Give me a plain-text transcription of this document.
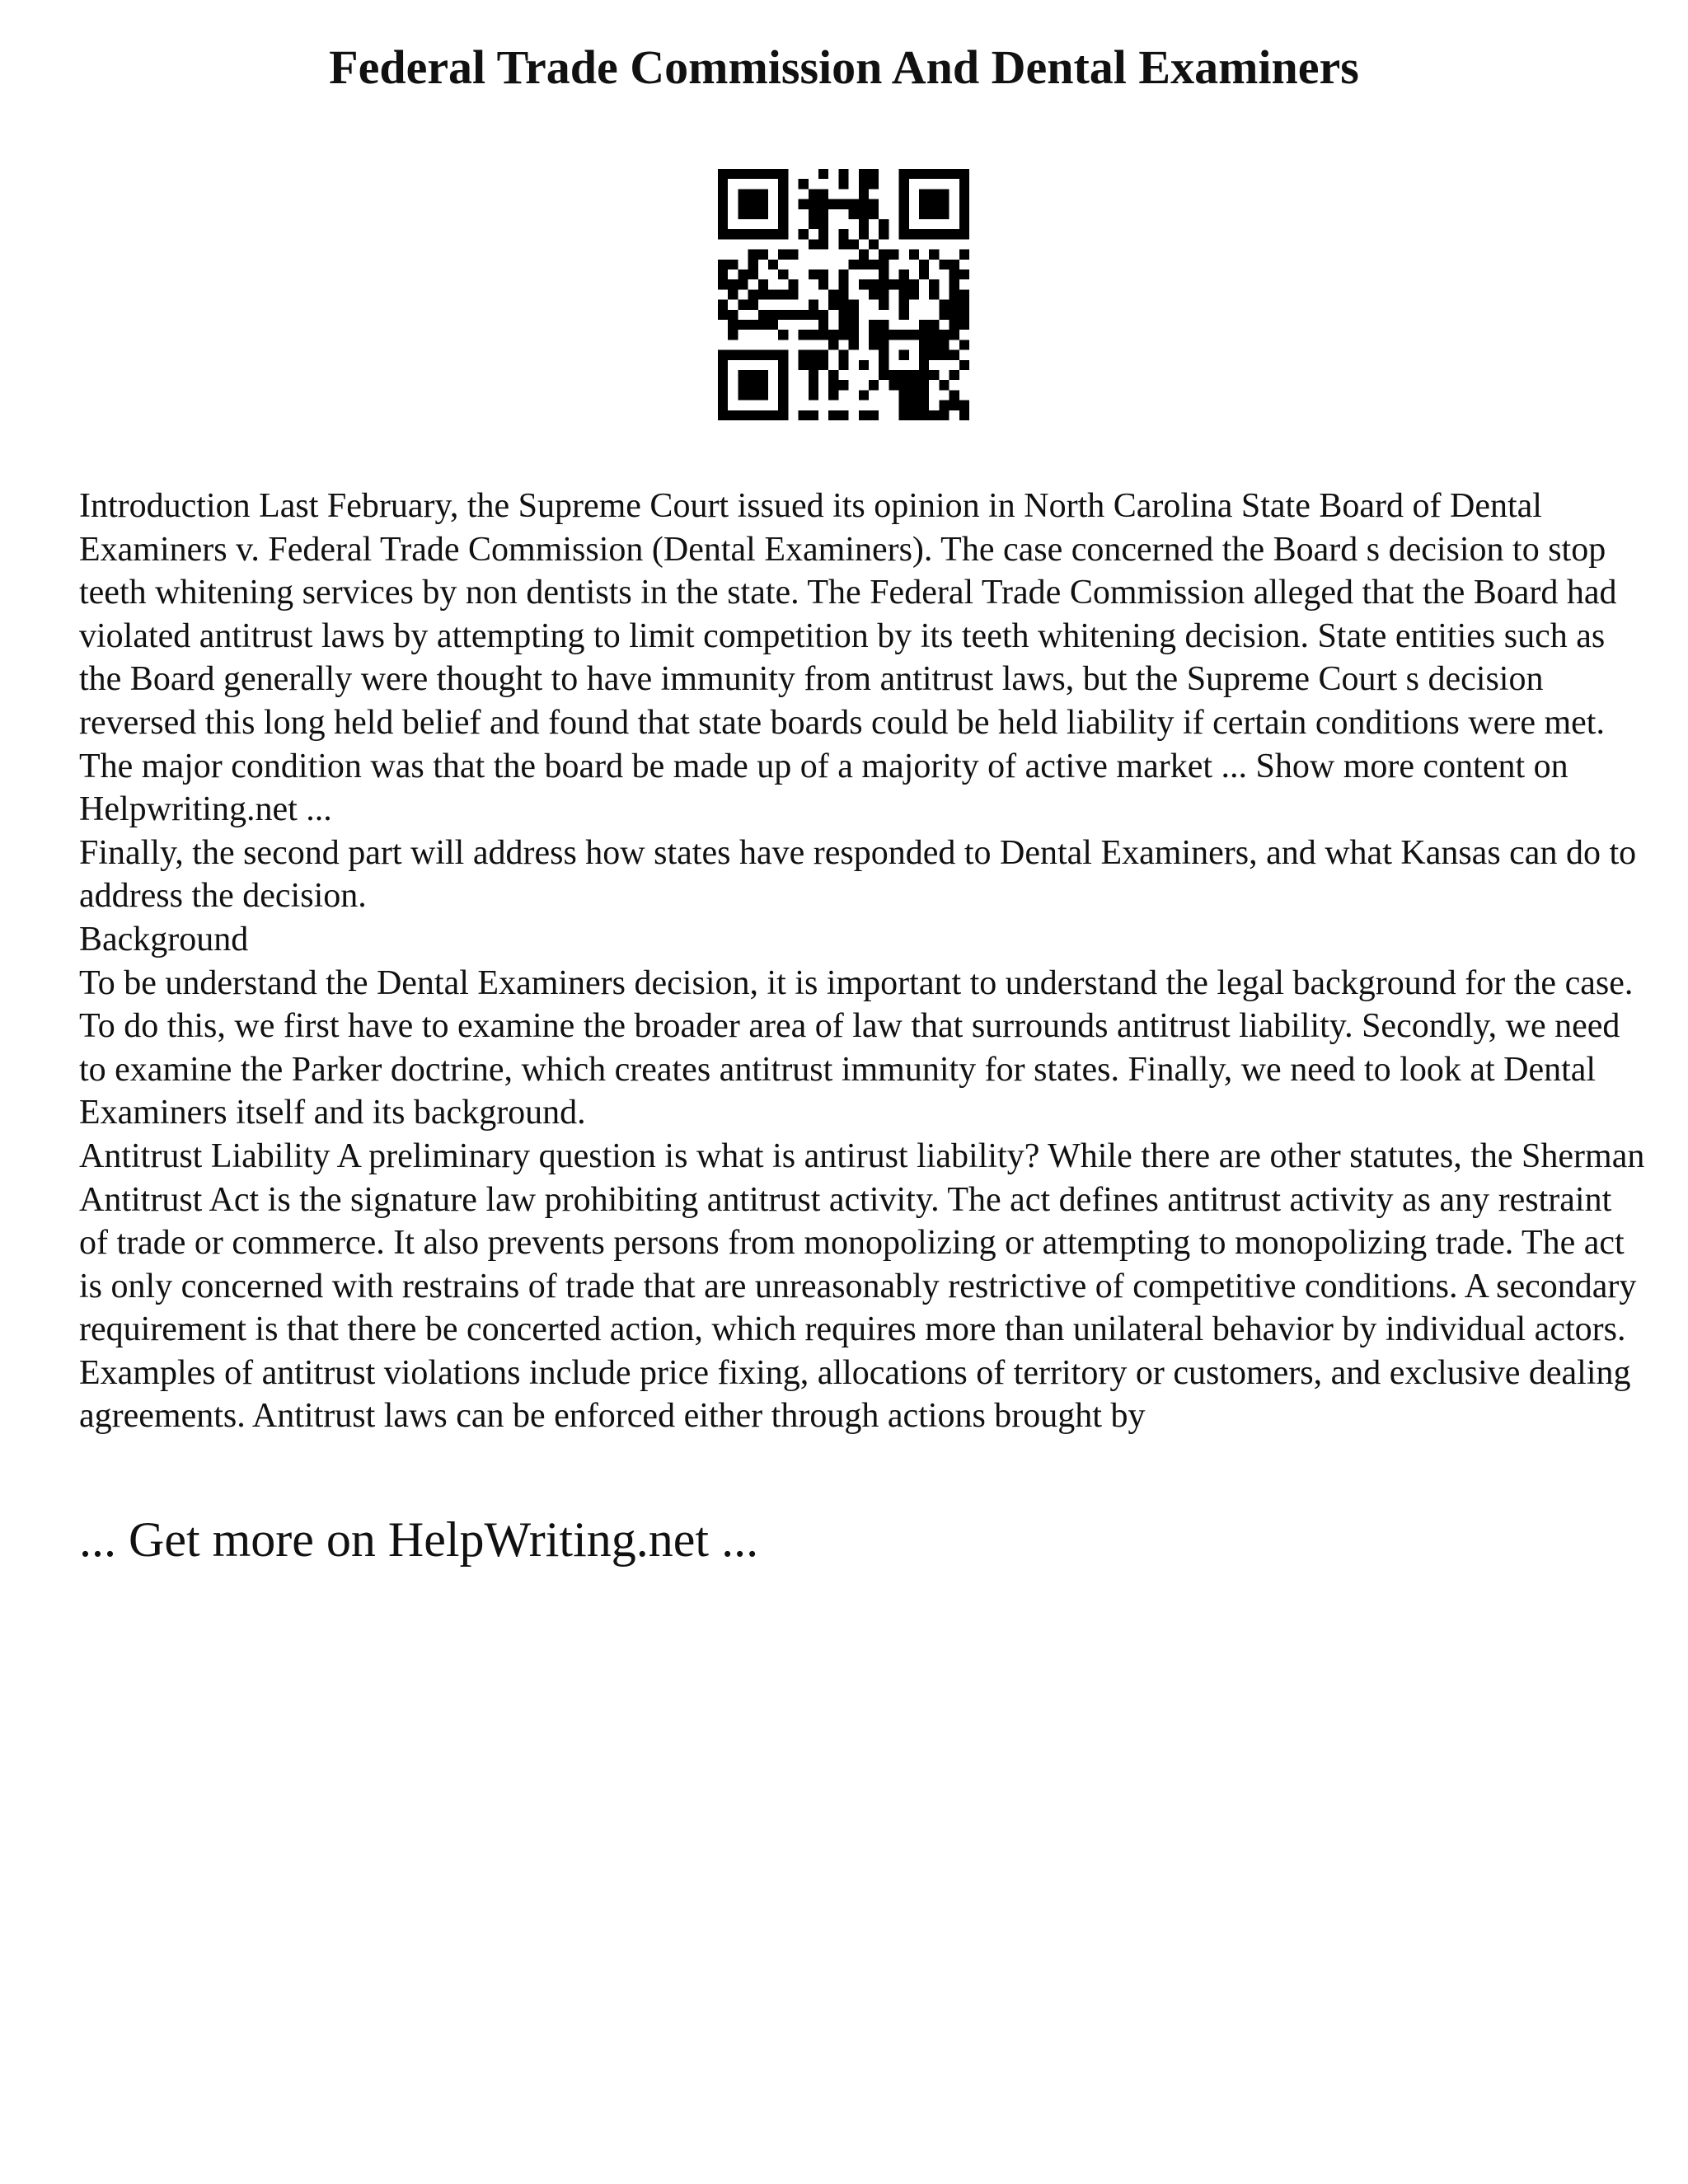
Federal Trade Commission And Dental Examiners

Introduction Last February, the Supreme Court issued its opinion in North Carolina State Board of Dental Examiners v. Federal Trade Commission (Dental Examiners). The case concerned the Board s decision to stop teeth whitening services by non dentists in the state. The Federal Trade Commission alleged that the Board had violated antitrust laws by attempting to limit competition by its teeth whitening decision. State entities such as the Board generally were thought to have immunity from antitrust laws, but the Supreme Court s decision reversed this long held belief and found that state boards could be held liability if certain conditions were met. The major condition was that the board be made up of a majority of active market ... Show more content on Helpwriting.net ...

Finally, the second part will address how states have responded to Dental Examiners, and what Kansas can do to address the decision.

Background

To be understand the Dental Examiners decision, it is important to understand the legal background for the case. To do this, we first have to examine the broader area of law that surrounds antitrust liability. Secondly, we need to examine the Parker doctrine, which creates antitrust immunity for states. Finally, we need to look at Dental Examiners itself and its background.

Antitrust Liability A preliminary question is what is antirust liability? While there are other statutes, the Sherman Antitrust Act is the signature law prohibiting antitrust activity. The act defines antitrust activity as any restraint of trade or commerce. It also prevents persons from monopolizing or attempting to monopolizing trade. The act is only concerned with restrains of trade that are unreasonably restrictive of competitive conditions. A secondary requirement is that there be concerted action, which requires more than unilateral behavior by individual actors. Examples of antitrust violations include price fixing, allocations of territory or customers, and exclusive dealing agreements. Antitrust laws can be enforced either through actions brought by

... Get more on HelpWriting.net ...
